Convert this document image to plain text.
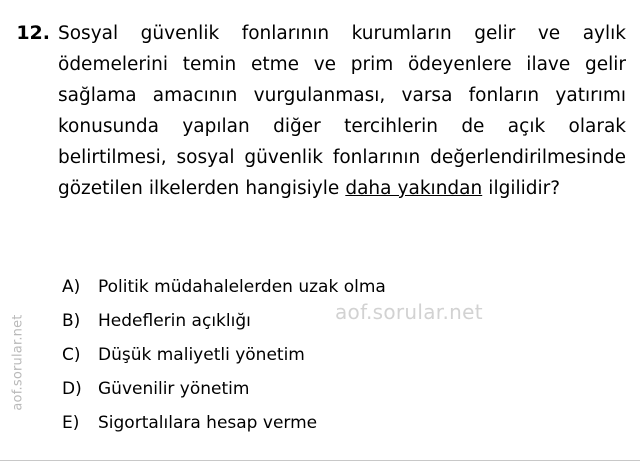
aof.sorular.net
12. Sosyal güvenlik fonlarının kurumların gelir ve aylık ödemelerini temin etme ve prim ödeyenlere ilave gelir sağlama amacının vurgulanması, varsa fonların yatırımı konusunda yapılan diğer tercihlerin de açık olarak belirtilmesi, sosyal güvenlik fonlarının değerlendirilmesinde gözetilen ilkelerden hangisiyle daha yakından ilgilidir?
A)	Politik müdahalelerden uzak olma
B)	Hedeflerin açıklığı
C)	Düşük maliyetli yönetim
D) Güvenilir yönetim
E)	Sigortalılara hesap verme
aof.sorular.net
